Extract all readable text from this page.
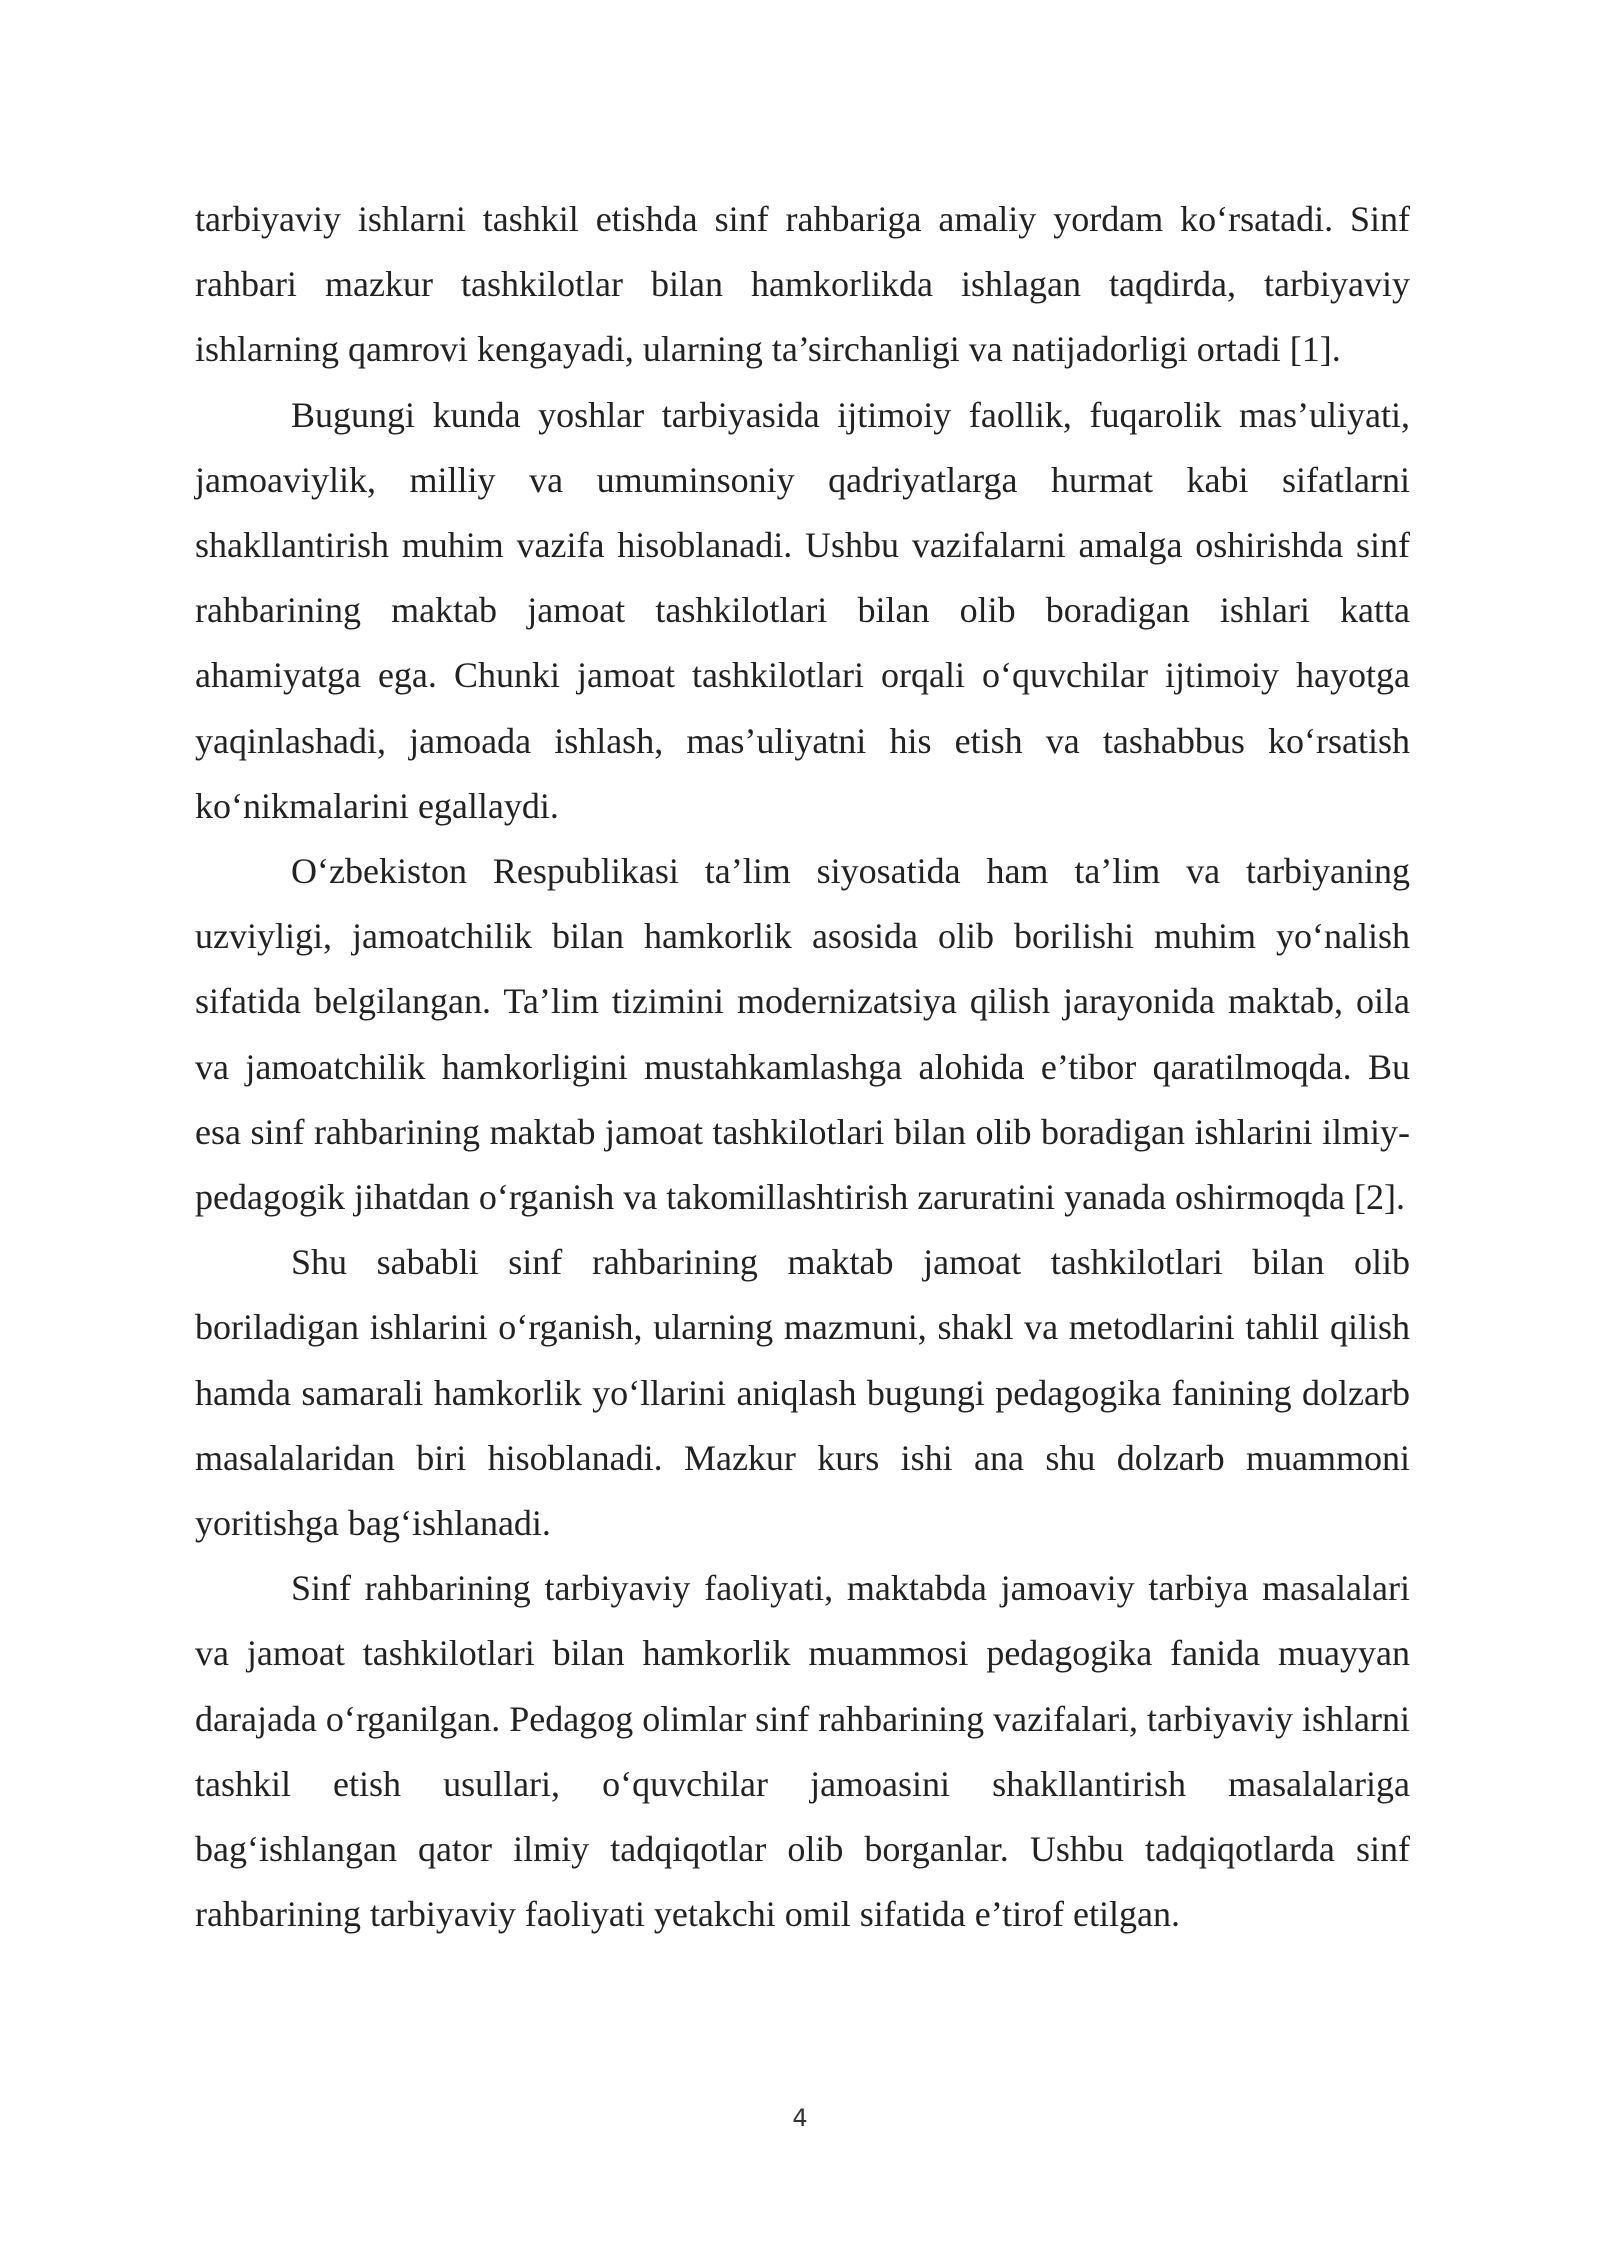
tarbiyaviy ishlarni tashkil etishda sinf rahbariga amaliy yordam ko‘rsatadi. Sinf rahbari mazkur tashkilotlar bilan hamkorlikda ishlagan taqdirda, tarbiyaviy ishlarning qamrovi kengayadi, ularning ta’sirchanligi va natijadorligi ortadi [1].

Bugungi kunda yoshlar tarbiyasida ijtimoiy faollik, fuqarolik mas’uliyati, jamoaviylik, milliy va umuminsoniy qadriyatlarga hurmat kabi sifatlarni shakllantirish muhim vazifa hisoblanadi. Ushbu vazifalarni amalga oshirishda sinf rahbarining maktab jamoat tashkilotlari bilan olib boradigan ishlari katta ahamiyatga ega. Chunki jamoat tashkilotlari orqali o‘quvchilar ijtimoiy hayotga yaqinlashadi, jamoada ishlash, mas’uliyatni his etish va tashabbus ko‘rsatish ko‘nikmalarini egallaydi.

O‘zbekiston Respublikasi ta’lim siyosatida ham ta’lim va tarbiyaning uzviyligi, jamoatchilik bilan hamkorlik asosida olib borilishi muhim yo‘nalish sifatida belgilangan. Ta’lim tizimini modernizatsiya qilish jarayonida maktab, oila va jamoatchilik hamkorligini mustahkamlashga alohida e’tibor qaratilmoqda. Bu esa sinf rahbarining maktab jamoat tashkilotlari bilan olib boradigan ishlarini ilmiy-pedagogik jihatdan o‘rganish va takomillashtirish zaruratini yanada oshirmoqda [2].

Shu sababli sinf rahbarining maktab jamoat tashkilotlari bilan olib boriladigan ishlarini o‘rganish, ularning mazmuni, shakl va metodlarini tahlil qilish hamda samarali hamkorlik yo‘llarini aniqlash bugungi pedagogika fanining dolzarb masalalaridan biri hisoblanadi. Mazkur kurs ishi ana shu dolzarb muammoni yoritishga bag‘ishlanadi.

Sinf rahbarining tarbiyaviy faoliyati, maktabda jamoaviy tarbiya masalalari va jamoat tashkilotlari bilan hamkorlik muammosi pedagogika fanida muayyan darajada o‘rganilgan. Pedagog olimlar sinf rahbarining vazifalari, tarbiyaviy ishlarni tashkil etish usullari, o‘quvchilar jamoasini shakllantirish masalalariga bag‘ishlangan qator ilmiy tadqiqotlar olib borganlar. Ushbu tadqiqotlarda sinf rahbarining tarbiyaviy faoliyati yetakchi omil sifatida e’tirof etilgan.

4
